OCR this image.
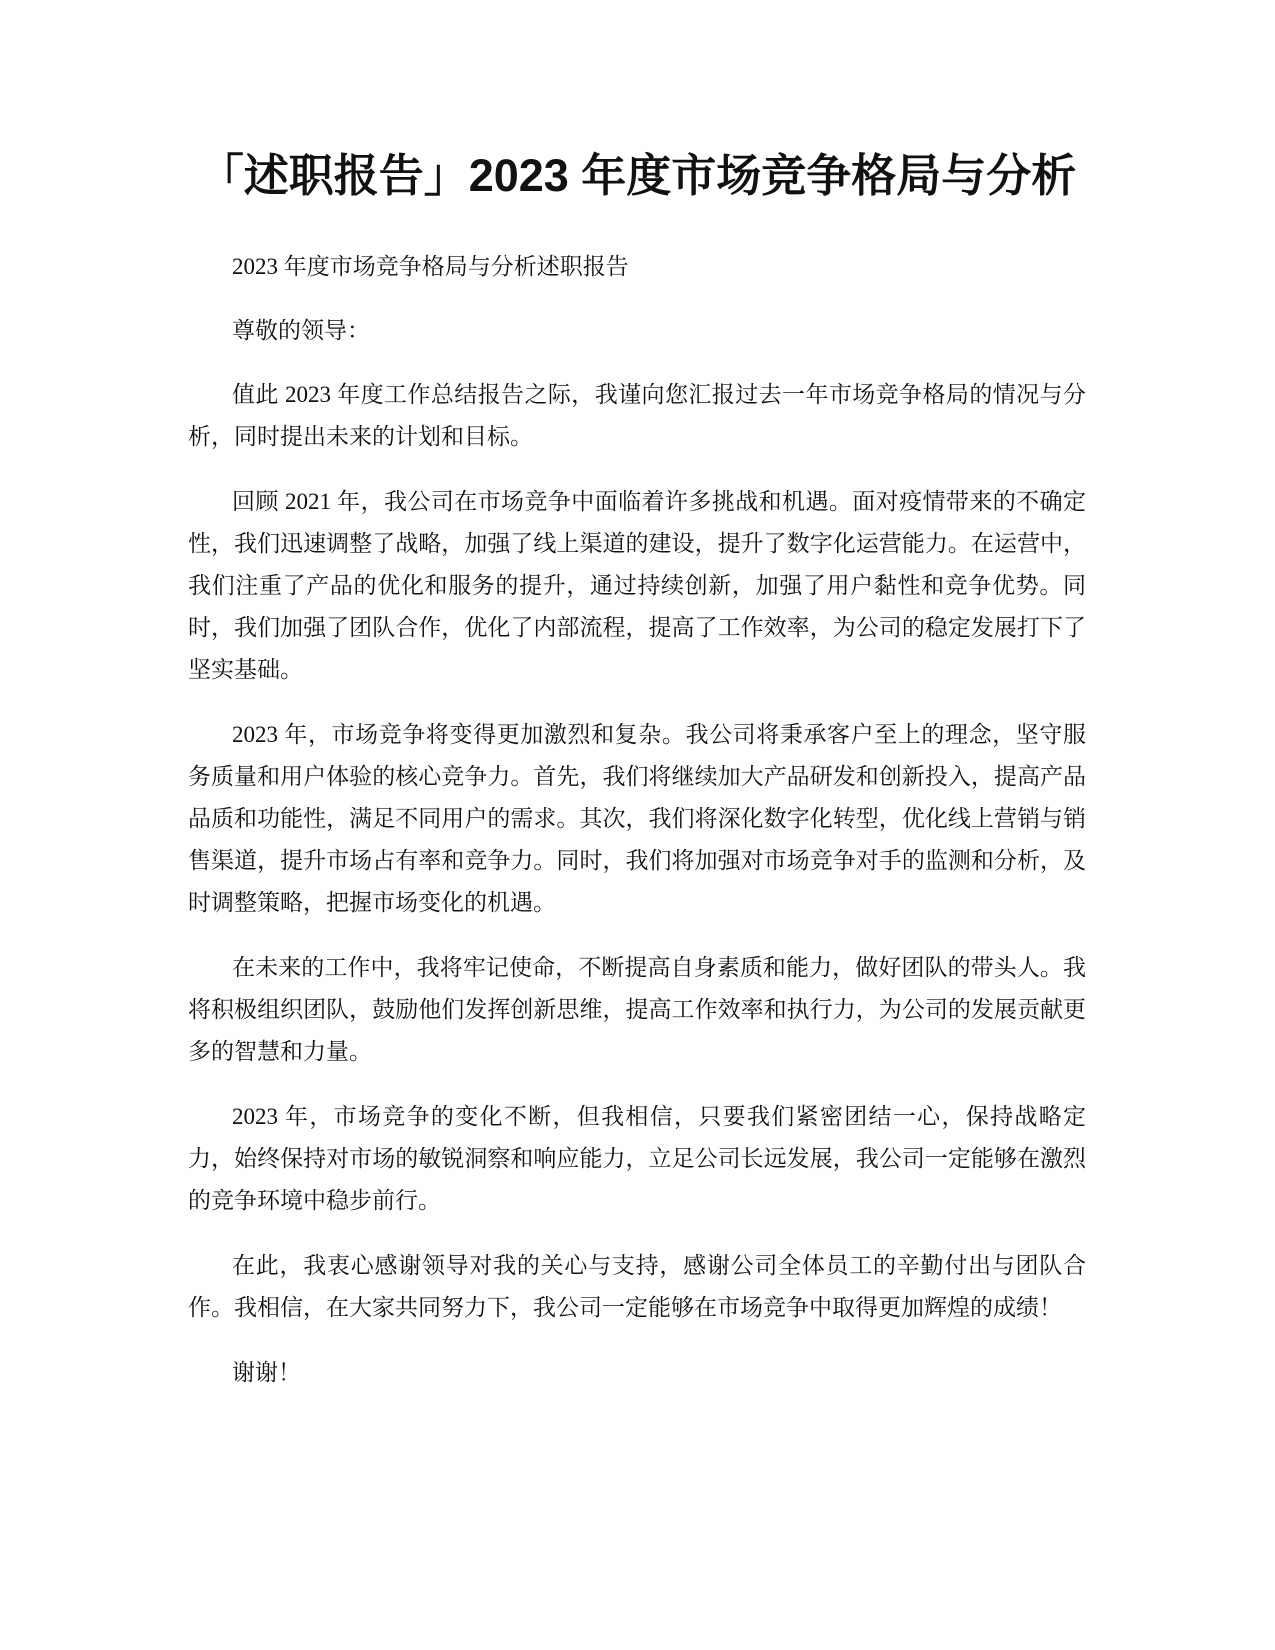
「述职报告」2023 年度市场竞争格局与分析

2023 年度市场竞争格局与分析述职报告

尊敬的领导：

值此 2023 年度工作总结报告之际，我谨向您汇报过去一年市场竞争格局的情况与分析，同时提出未来的计划和目标。

回顾 2021 年，我公司在市场竞争中面临着许多挑战和机遇。面对疫情带来的不确定性，我们迅速调整了战略，加强了线上渠道的建设，提升了数字化运营能力。在运营中，我们注重了产品的优化和服务的提升，通过持续创新，加强了用户黏性和竞争优势。同时，我们加强了团队合作，优化了内部流程，提高了工作效率，为公司的稳定发展打下了坚实基础。

2023 年，市场竞争将变得更加激烈和复杂。我公司将秉承客户至上的理念，坚守服务质量和用户体验的核心竞争力。首先，我们将继续加大产品研发和创新投入，提高产品品质和功能性，满足不同用户的需求。其次，我们将深化数字化转型，优化线上营销与销售渠道，提升市场占有率和竞争力。同时，我们将加强对市场竞争对手的监测和分析，及时调整策略，把握市场变化的机遇。

在未来的工作中，我将牢记使命，不断提高自身素质和能力，做好团队的带头人。我将积极组织团队，鼓励他们发挥创新思维，提高工作效率和执行力，为公司的发展贡献更多的智慧和力量。

2023 年，市场竞争的变化不断，但我相信，只要我们紧密团结一心，保持战略定力，始终保持对市场的敏锐洞察和响应能力，立足公司长远发展，我公司一定能够在激烈的竞争环境中稳步前行。

在此，我衷心感谢领导对我的关心与支持，感谢公司全体员工的辛勤付出与团队合作。我相信，在大家共同努力下，我公司一定能够在市场竞争中取得更加辉煌的成绩！

谢谢！
